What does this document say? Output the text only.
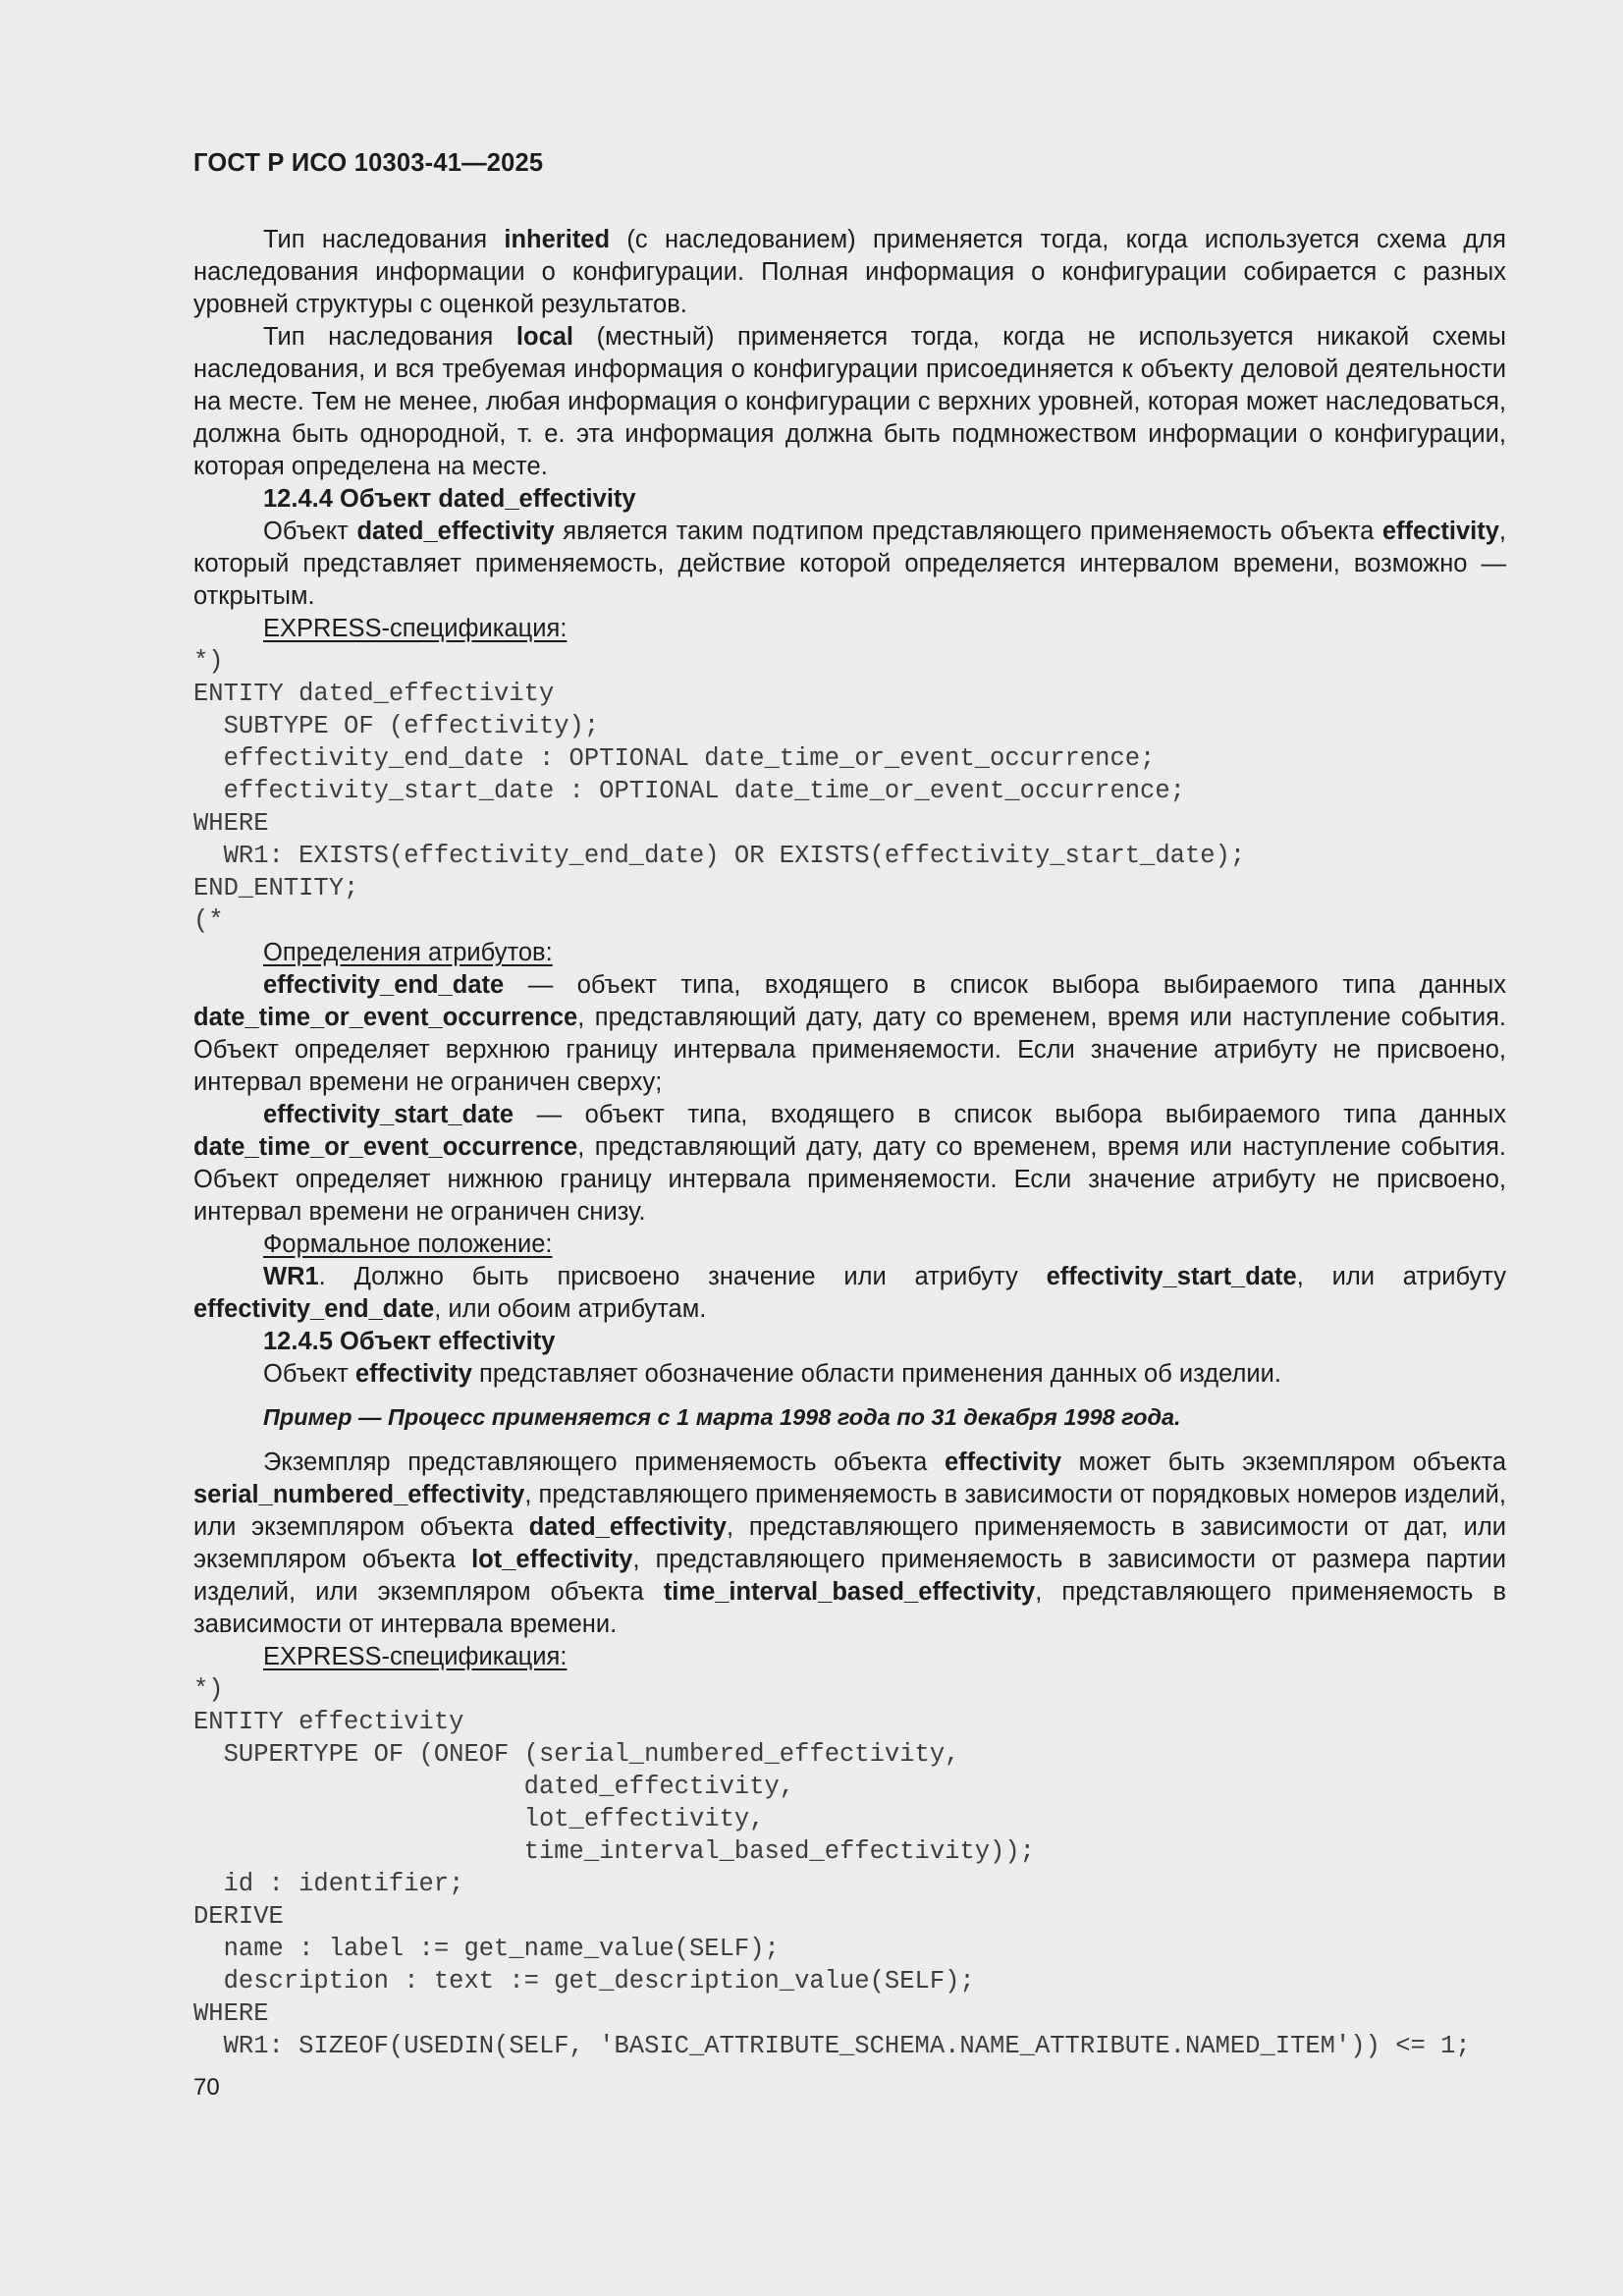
ГОСТ Р ИСО 10303-41—2025

Тип наследования inherited (с наследованием) применяется тогда, когда используется схема для наследования информации о конфигурации. Полная информация о конфигурации собирается с разных уровней структуры с оценкой результатов.

Тип наследования local (местный) применяется тогда, когда не используется никакой схемы наследования, и вся требуемая информация о конфигурации присоединяется к объекту деловой деятельности на месте. Тем не менее, любая информация о конфигурации с верхних уровней, которая может наследоваться, должна быть однородной, т. е. эта информация должна быть подмножеством информации о конфигурации, которая определена на месте.

12.4.4 Объект dated_effectivity

Объект dated_effectivity является таким подтипом представляющего применяемость объекта effectivity, который представляет применяемость, действие которой определяется интервалом времени, возможно — открытым.

EXPRESS-спецификация:

*)
ENTITY dated_effectivity
SUBTYPE OF (effectivity);
effectivity_end_date : OPTIONAL date_time_or_event_occurrence;
effectivity_start_date : OPTIONAL date_time_or_event_occurrence;
WHERE
WR1: EXISTS(effectivity_end_date) OR EXISTS(effectivity_start_date);
END_ENTITY;
(*

Определения атрибутов:

effectivity_end_date — объект типа, входящего в список выбора выбираемого типа данных date_time_or_event_occurrence, представляющий дату, дату со временем, время или наступление события. Объект определяет верхнюю границу интервала применяемости. Если значение атрибуту не присвоено, интервал времени не ограничен сверху;

effectivity_start_date — объект типа, входящего в список выбора выбираемого типа данных date_time_or_event_occurrence, представляющий дату, дату со временем, время или наступление события. Объект определяет нижнюю границу интервала применяемости. Если значение атрибуту не присвоено, интервал времени не ограничен снизу.

Формальное положение:

WR1. Должно быть присвоено значение или атрибуту effectivity_start_date, или атрибуту effectivity_end_date, или обоим атрибутам.

12.4.5 Объект effectivity

Объект effectivity представляет обозначение области применения данных об изделии.

Пример — Процесс применяется с 1 марта 1998 года по 31 декабря 1998 года.

Экземпляр представляющего применяемость объекта effectivity может быть экземпляром объекта serial_numbered_effectivity, представляющего применяемость в зависимости от порядковых номеров изделий, или экземпляром объекта dated_effectivity, представляющего применяемость в зависимости от дат, или экземпляром объекта lot_effectivity, представляющего применяемость в зависимости от размера партии изделий, или экземпляром объекта time_interval_based_effectivity, представляющего применяемость в зависимости от интервала времени.

EXPRESS-спецификация:

*)
ENTITY effectivity
SUPERTYPE OF (ONEOF (serial_numbered_effectivity,
dated_effectivity,
lot_effectivity,
time_interval_based_effectivity));
id : identifier;
DERIVE
name : label := get_name_value(SELF);
description : text := get_description_value(SELF);
WHERE
WR1: SIZEOF(USEDIN(SELF, 'BASIC_ATTRIBUTE_SCHEMA.NAME_ATTRIBUTE.NAMED_ITEM')) <= 1;
70
